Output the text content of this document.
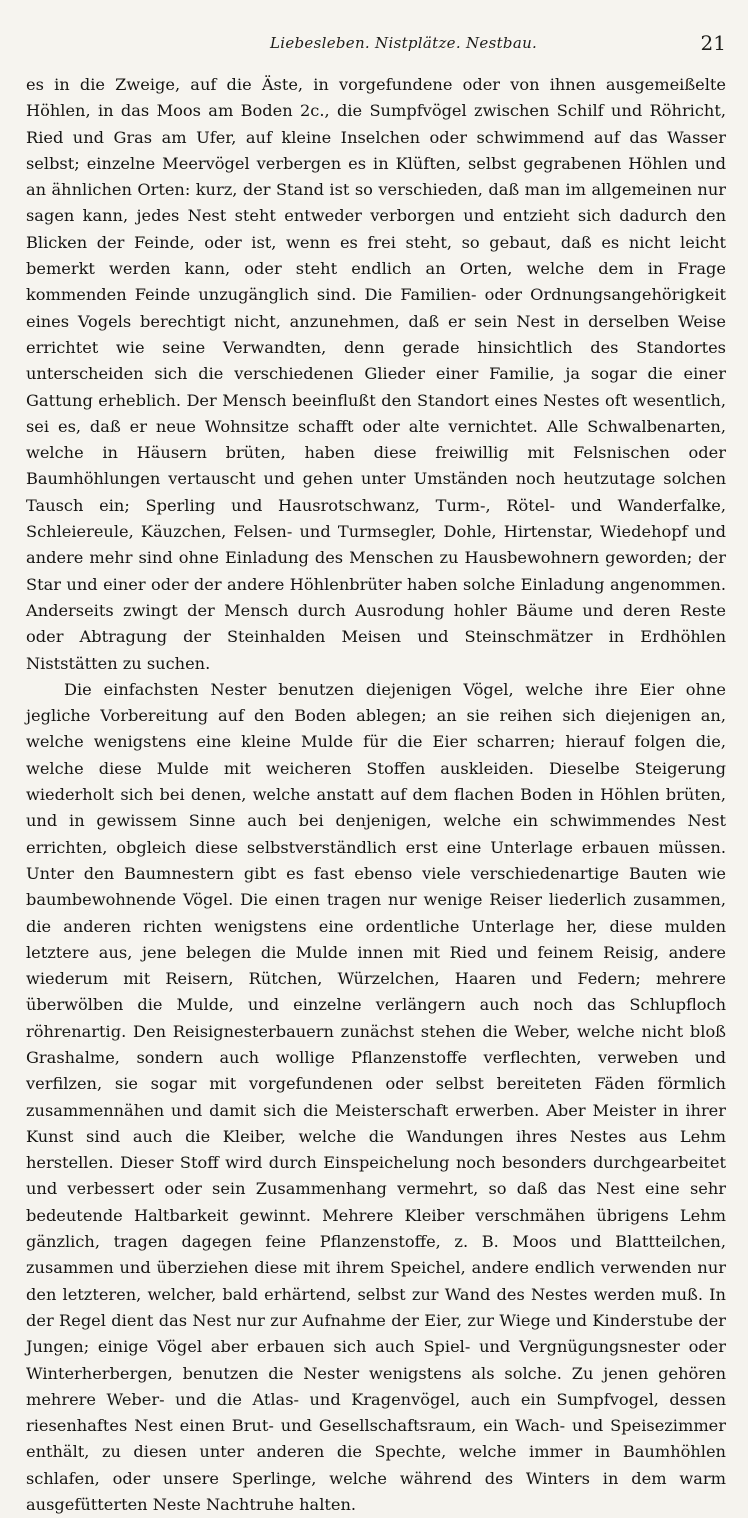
Liebesleben. Nistplätze. Nestbau.	21

es in die Zweige, auf die Äste, in vorgefundene oder von ihnen ausgemeißelte Höhlen, in das Moos am Boden 2c., die Sumpfvögel zwischen Schilf und Röhricht, Ried und Gras am Ufer, auf kleine Inselchen oder schwimmend auf das Wasser selbst; einzelne Meervögel verbergen es in Klüften, selbst gegrabenen Höhlen und an ähnlichen Orten: kurz, der Stand ist so verschieden, daß man im allgemeinen nur sagen kann, jedes Nest steht entweder verborgen und entzieht sich dadurch den Blicken der Feinde, oder ist, wenn es frei steht, so gebaut, daß es nicht leicht bemerkt werden kann, oder steht endlich an Orten, welche dem in Frage kommenden Feinde unzugänglich sind. Die Familien- oder Ordnungsangehörigkeit eines Vogels berechtigt nicht, anzunehmen, daß er sein Nest in derselben Weise errichtet wie seine Verwandten, denn gerade hinsichtlich des Standortes unterscheiden sich die verschiedenen Glieder einer Familie, ja sogar die einer Gattung erheblich. Der Mensch beeinflußt den Standort eines Nestes oft wesentlich, sei es, daß er neue Wohnsitze schafft oder alte vernichtet. Alle Schwalbenarten, welche in Häusern brüten, haben diese freiwillig mit Felsnischen oder Baumhöhlungen vertauscht und gehen unter Umständen noch heutzutage solchen Tausch ein; Sperling und Hausrotschwanz, Turm-, Rötel- und Wanderfalke, Schleiereule, Käuzchen, Felsen- und Turmsegler, Dohle, Hirtenstar, Wiedehopf und andere mehr sind ohne Einladung des Menschen zu Hausbewohnern geworden; der Star und einer oder der andere Höhlenbrüter haben solche Einladung angenommen. Anderseits zwingt der Mensch durch Ausrodung hohler Bäume und deren Reste oder Abtragung der Steinhalden Meisen und Steinschmätzer in Erdhöhlen Niststätten zu suchen.

Die einfachsten Nester benutzen diejenigen Vögel, welche ihre Eier ohne jegliche Vorbereitung auf den Boden ablegen; an sie reihen sich diejenigen an, welche wenigstens eine kleine Mulde für die Eier scharren; hierauf folgen die, welche diese Mulde mit weicheren Stoffen auskleiden. Dieselbe Steigerung wiederholt sich bei denen, welche anstatt auf dem flachen Boden in Höhlen brüten, und in gewissem Sinne auch bei denjenigen, welche ein schwimmendes Nest errichten, obgleich diese selbstverständlich erst eine Unterlage erbauen müssen. Unter den Baumnestern gibt es fast ebenso viele verschiedenartige Bauten wie baumbewohnende Vögel. Die einen tragen nur wenige Reiser liederlich zusammen, die anderen richten wenigstens eine ordentliche Unterlage her, diese mulden letztere aus, jene belegen die Mulde innen mit Ried und feinem Reisig, andere wiederum mit Reisern, Rütchen, Würzelchen, Haaren und Federn; mehrere überwölben die Mulde, und einzelne verlängern auch noch das Schlupfloch röhrenartig. Den Reisignesterbauern zunächst stehen die Weber, welche nicht bloß Grashalme, sondern auch wollige Pflanzenstoffe verflechten, verweben und verfilzen, sie sogar mit vorgefundenen oder selbst bereiteten Fäden förmlich zusammennähen und damit sich die Meisterschaft erwerben. Aber Meister in ihrer Kunst sind auch die Kleiber, welche die Wandungen ihres Nestes aus Lehm herstellen. Dieser Stoff wird durch Einspeichelung noch besonders durchgearbeitet und verbessert oder sein Zusammenhang vermehrt, so daß das Nest eine sehr bedeutende Haltbarkeit gewinnt. Mehrere Kleiber verschmähen übrigens Lehm gänzlich, tragen dagegen feine Pflanzenstoffe, z. B. Moos und Blattteilchen, zusammen und überziehen diese mit ihrem Speichel, andere endlich verwenden nur den letzteren, welcher, bald erhärtend, selbst zur Wand des Nestes werden muß. In der Regel dient das Nest nur zur Aufnahme der Eier, zur Wiege und Kinderstube der Jungen; einige Vögel aber erbauen sich auch Spiel- und Vergnügungsnester oder Winterherbergen, benutzen die Nester wenigstens als solche. Zu jenen gehören mehrere Weber- und die Atlas- und Kragenvögel, auch ein Sumpfvogel, dessen riesenhaftes Nest einen Brut- und Gesellschaftsraum, ein Wach- und Speisezimmer enthält, zu diesen unter anderen die Spechte, welche immer in Baumhöhlen schlafen, oder unsere Sperlinge, welche während des Winters in dem warm ausgefütterten Neste Nachtruhe halten.
